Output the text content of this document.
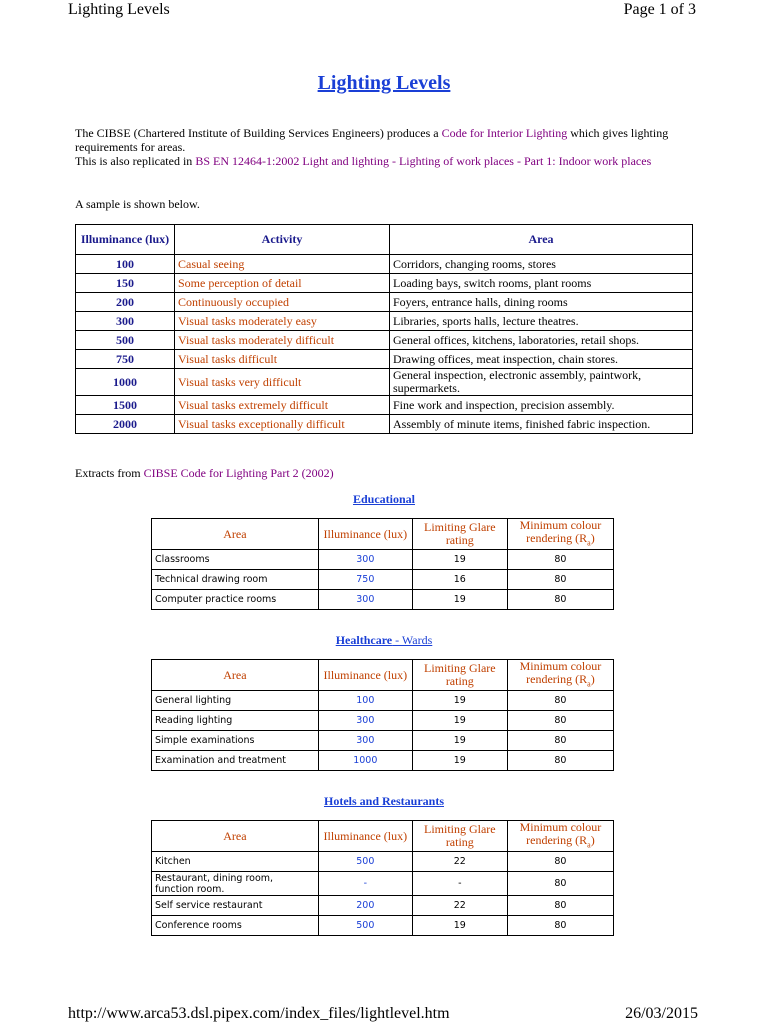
Lighting Levels	Page 1 of 3
Lighting Levels
The CIBSE (Chartered Institute of Building Services Engineers) produces a Code for Interior Lighting which gives lighting requirements for areas.
This is also replicated in BS EN 12464-1:2002 Light and lighting - Lighting of work places - Part 1: Indoor work places
A sample is shown below.
Illuminance (lux)	Activity	Area
100	Casual seeing	Corridors, changing rooms, stores
150	Some perception of detail	Loading bays, switch rooms, plant rooms
200	Continuously occupied	Foyers, entrance halls, dining rooms
300	Visual tasks moderately easy	Libraries, sports halls, lecture theatres.
500	Visual tasks moderately difficult	General offices, kitchens, laboratories, retail shops.
750	Visual tasks difficult	Drawing offices, meat inspection, chain stores.
1000	Visual tasks very difficult	General inspection, electronic assembly, paintwork, supermarkets.
1500	Visual tasks extremely difficult	Fine work and inspection, precision assembly.
2000	Visual tasks exceptionally difficult	Assembly of minute items, finished fabric inspection.
Extracts from CIBSE Code for Lighting Part 2 (2002)
Educational
Area	Illuminance (lux)	Limiting Glare rating	Minimum colour rendering $(R_a)$
Classrooms	300	19	80
Technical drawing room	750	16	80
Computer practice rooms	300	19	80
Healthcare - Wards
Area	Illuminance (lux)	Limiting Glare rating	Minimum colour rendering $(R_a)$
General lighting	100	19	80
Reading lighting	300	19	80
Simple examinations	300	19	80
Examination and treatment	1000	19	80
Hotels and Restaurants
Area	Illuminance (lux)	Limiting Glare rating	Minimum colour rendering $(R_a)$
Kitchen	500	22	80
Restaurant, dining room, function room.	-	-	80
Self service restaurant	200	22	80
Conference rooms	500	19	80
http://www.arca53.dsl.pipex.com/index_files/lightlevel.htm	26/03/2015
